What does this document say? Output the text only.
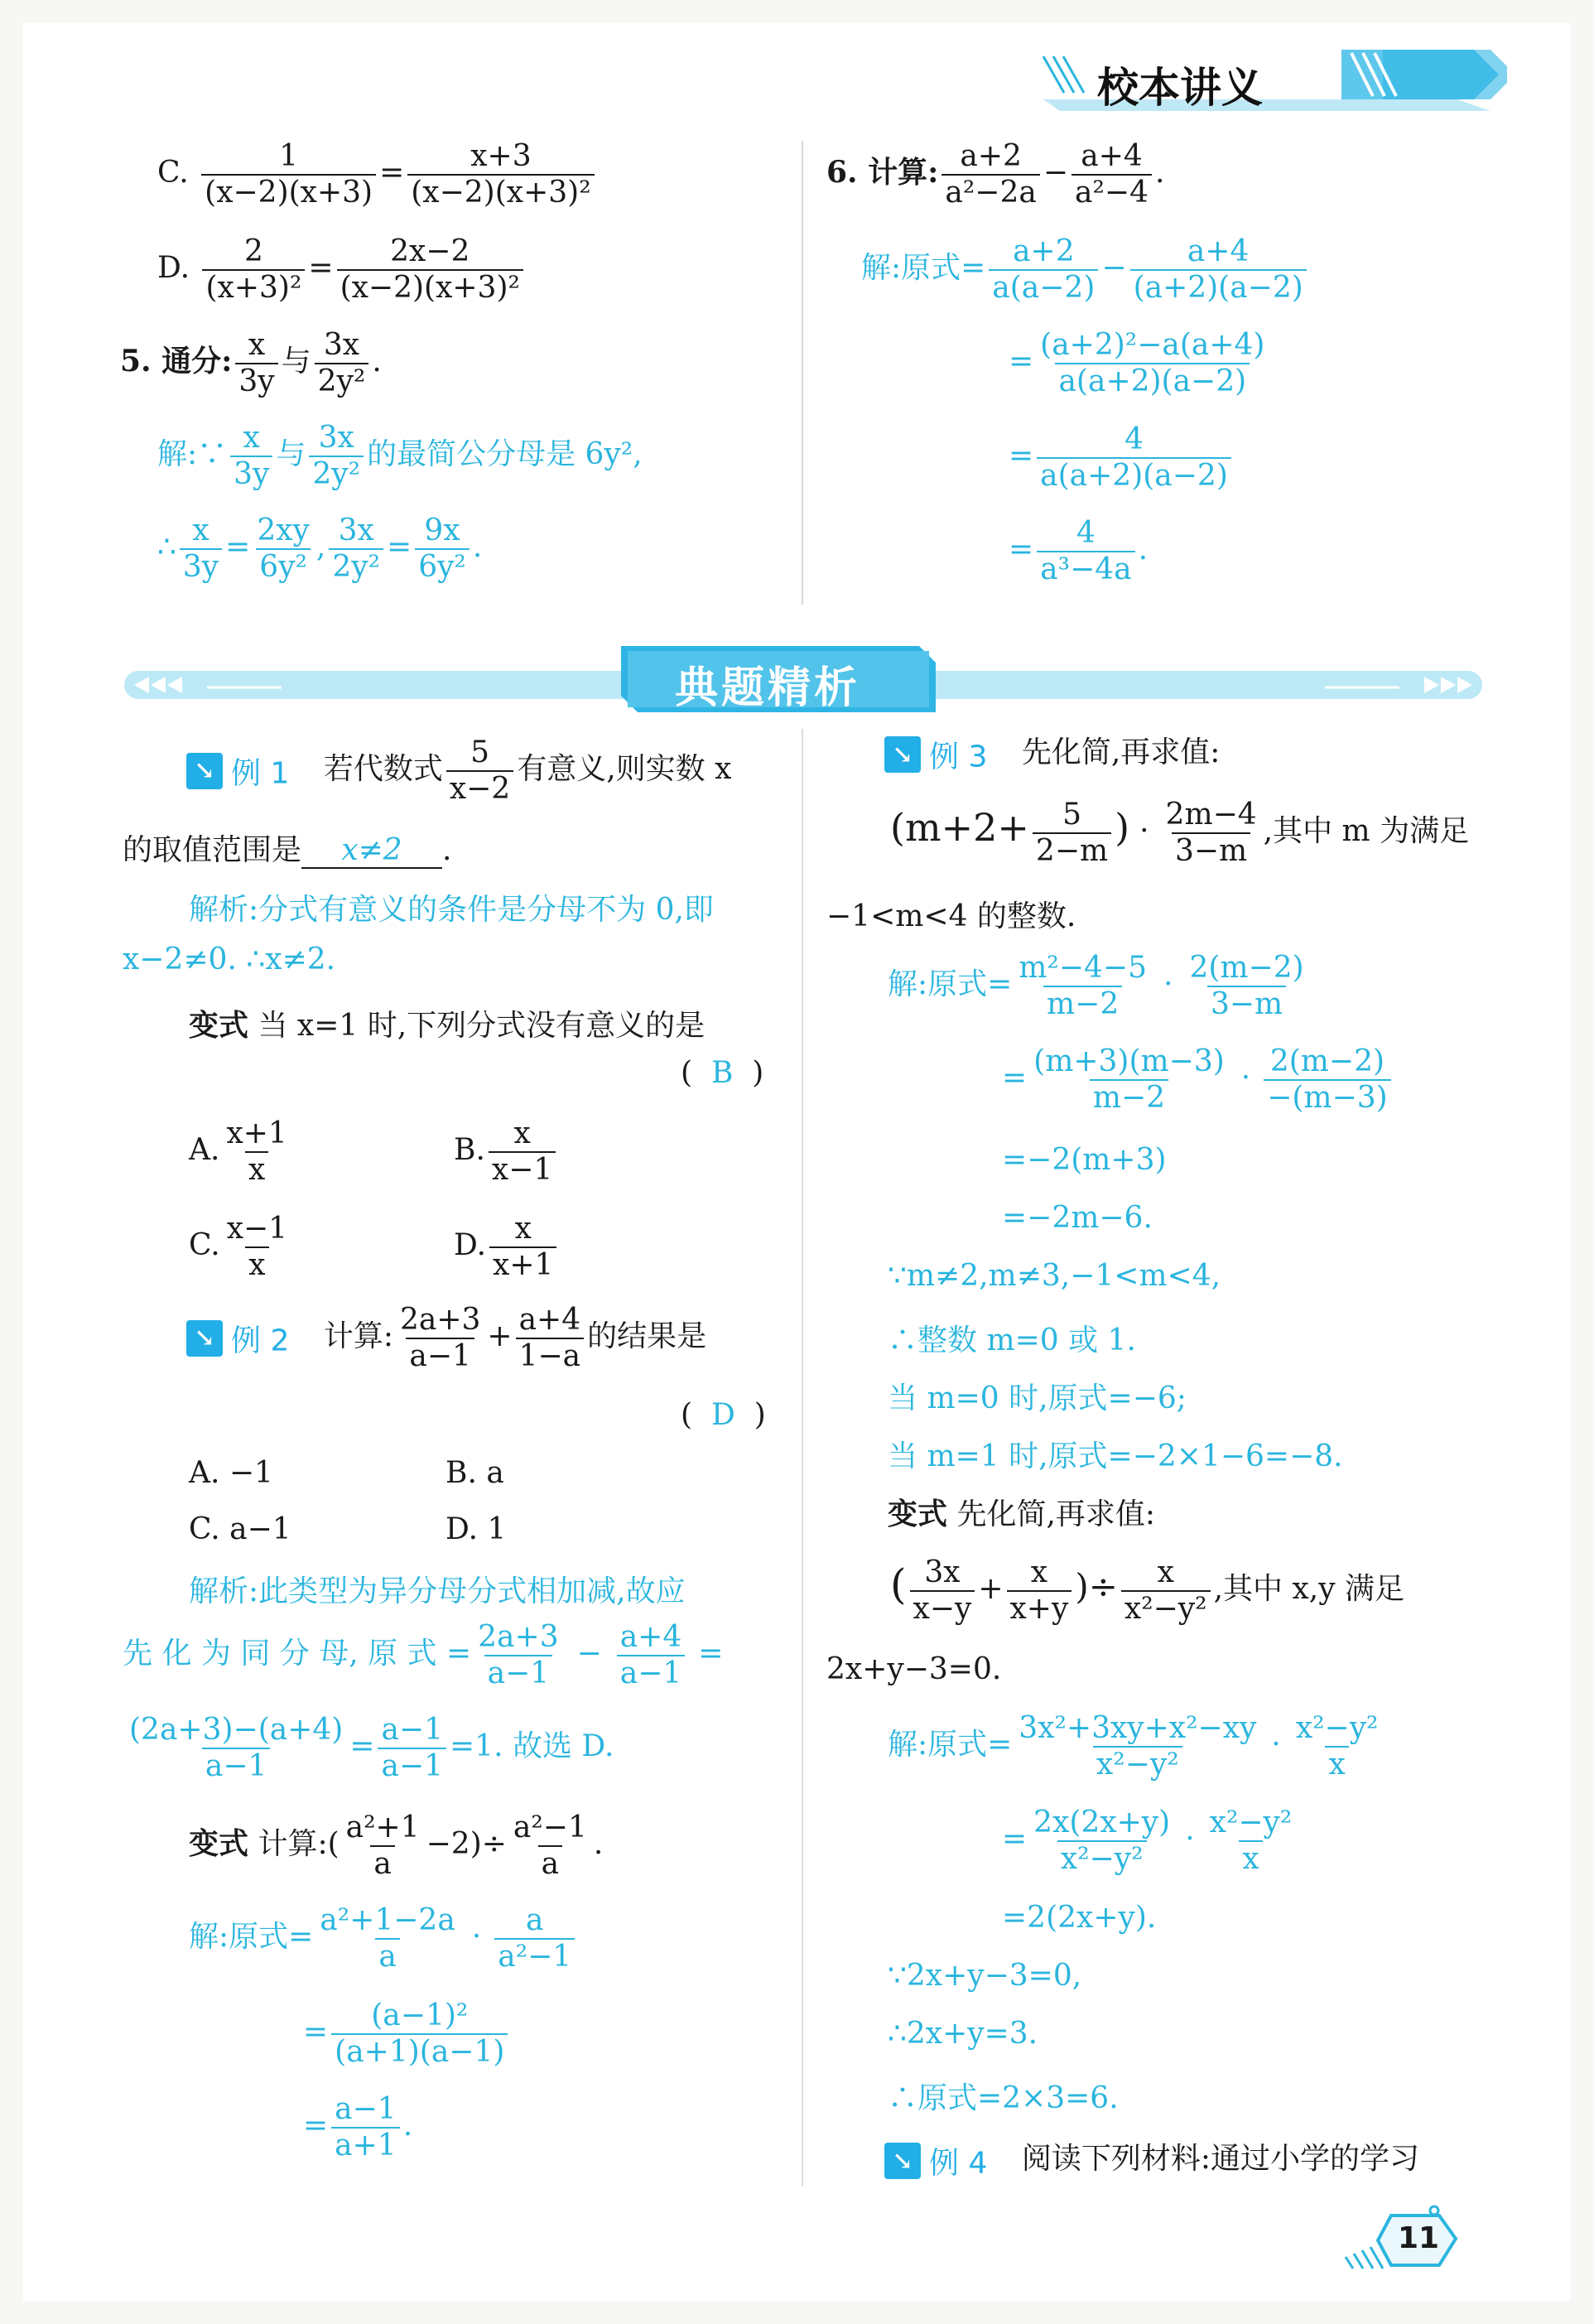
校本讲义
C. $\frac{1}{(x-2)(x+3)} = \frac{x+3}{\text{(x−2)(x+3)²}}$
D. $\frac{2}{\text{(x+3)²}} = \frac{2x-2}{\text{(x−2)(x+3)²}}$
5. 通分: $\frac{x}{3y}$ 与 $\frac{3x}{\text{2y²}}$ .
解:∵ $\frac{x}{3y}$ 与 $\frac{3x}{\text{2y²}}$ 的最简公分母是 6y²,
∴ $\frac{x}{3y} = \frac{2xy}{\text{6y²}}$ , $\frac{3x}{\text{2y²}} = \frac{9x}{\text{6y²}}$ .
6. 计算: $\frac{a+2}{\text{a²−2a}} - \frac{a+4}{\text{a²−4}}$ .
解:原式= $\frac{a+2}{a(a-2)} - \frac{a+4}{(a+2)(a-2)}$
= $\frac{\text{(a+2)²−a(a+4)}}{a(a+2)(a-2)}$
= $\frac{4}{a(a+2)(a-2)}$
= $\frac{4}{\text{a³−4a}}$ .
典题精析
↘ 例 1 若代数式 $\frac{5}{x-2}$ 有意义,则实数 x
的取值范围是 x≠2 .
解析:分式有意义的条件是分母不为 0,即
x−2≠0. ∴x≠2.
变式 当 x=1 时,下列分式没有意义的是
( B )
A. $\frac{x+1}{x}$	B. $\frac{x}{x-1}$
C. $\frac{x-1}{x}$	D. $\frac{x}{x+1}$
↘ 例 2 计算: $\frac{2a+3}{a-1} + \frac{a+4}{1-a}$ 的结果是
( D )
A. −1	B. a
C. a−1	D. 1
解析:此类型为异分母分式相加减,故应
先 化 为 同 分 母, 原 式 = $\frac{2a+3}{a-1} - \frac{a+4}{a-1}$ =
$\frac{(2a+3)-(a+4)}{a-1} = \frac{a-1}{a-1} =1$. 故选 D.
变式 计算:( $\frac{\text{a²+1}}{a} -2)\div \frac{\text{a²−1}}{a}$ .
解:原式= $\frac{\text{a²+1−2a}}{a} \cdot \frac{a}{\text{a²−1}}$
= $\frac{\text{(a−1)²}}{(a+1)(a-1)}$
= $\frac{a-1}{a+1}$ .
↘ 例 3 先化简,再求值:
($m+2+ \frac{5}{2-m}$ ) · $\frac{2m-4}{3-m}$ ,其中 m 为满足
−1<m<4 的整数.
解:原式= $\frac{\text{m²−4−5}}{m-2} \cdot \frac{2(m-2)}{3-m}$
= $\frac{(m+3)(m-3)}{m-2} \cdot \frac{2(m-2)}{-(m-3)}$
=−2(m+3)
=−2m−6.
∵m≠2,m≠3,−1<m<4,
∴整数 m=0 或 1.
当 m=0 时,原式=−6;
当 m=1 时,原式=−2×1−6=−8.
变式 先化简,再求值:
( $\frac{3x}{x-y} + \frac{x}{x+y}$ )÷ $\frac{x}{\text{x²−y²}}$ ,其中 x,y 满足
2x+y−3=0.
解:原式= $\frac{\text{3x²+3xy+x²−xy}}{\text{x²−y²}} \cdot \frac{\text{x²−y²}}{x}$
= $\frac{2x(2x+y)}{\text{x²−y²}} \cdot \frac{\text{x²−y²}}{x}$
=2(2x+y).
∵2x+y−3=0,
∴2x+y=3.
∴原式=2×3=6.
↘ 例 4 阅读下列材料:通过小学的学习
11
